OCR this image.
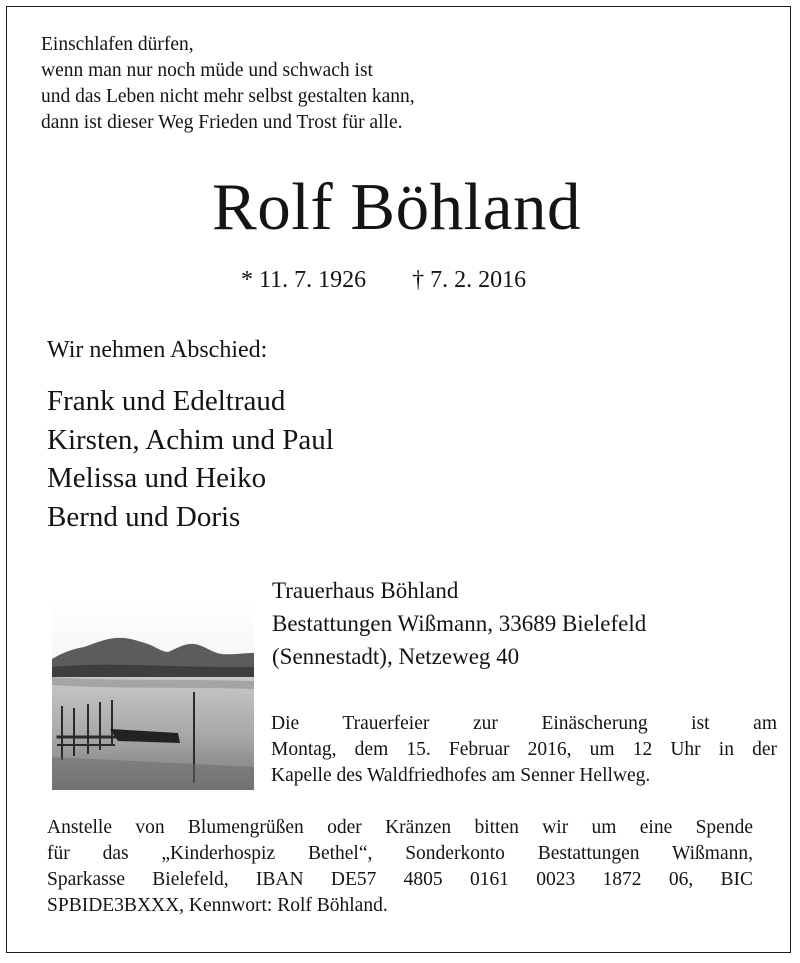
Einschlafen dürfen,
wenn man nur noch müde und schwach ist
und das Leben nicht mehr selbst gestalten kann,
dann ist dieser Weg Frieden und Trost für alle.
Rolf Böhland
* 11. 7. 1926 † 7. 2. 2016
Wir nehmen Abschied:
Frank und Edeltraud
Kirsten, Achim und Paul
Melissa und Heiko
Bernd und Doris
Trauerhaus Böhland
Bestattungen Wißmann, 33689 Bielefeld
(Sennestadt), Netzeweg 40
Die Trauerfeier zur Einäscherung ist am
Montag, dem 15. Februar 2016, um 12 Uhr in der
Kapelle des Waldfriedhofes am Senner Hellweg.
Anstelle von Blumengrüßen oder Kränzen bitten wir um eine Spende
für das „Kinderhospiz Bethel“, Sonderkonto Bestattungen Wißmann,
Sparkasse Bielefeld, IBAN DE57 4805 0161 0023 1872 06, BIC
SPBIDE3BXXX, Kennwort: Rolf Böhland.
